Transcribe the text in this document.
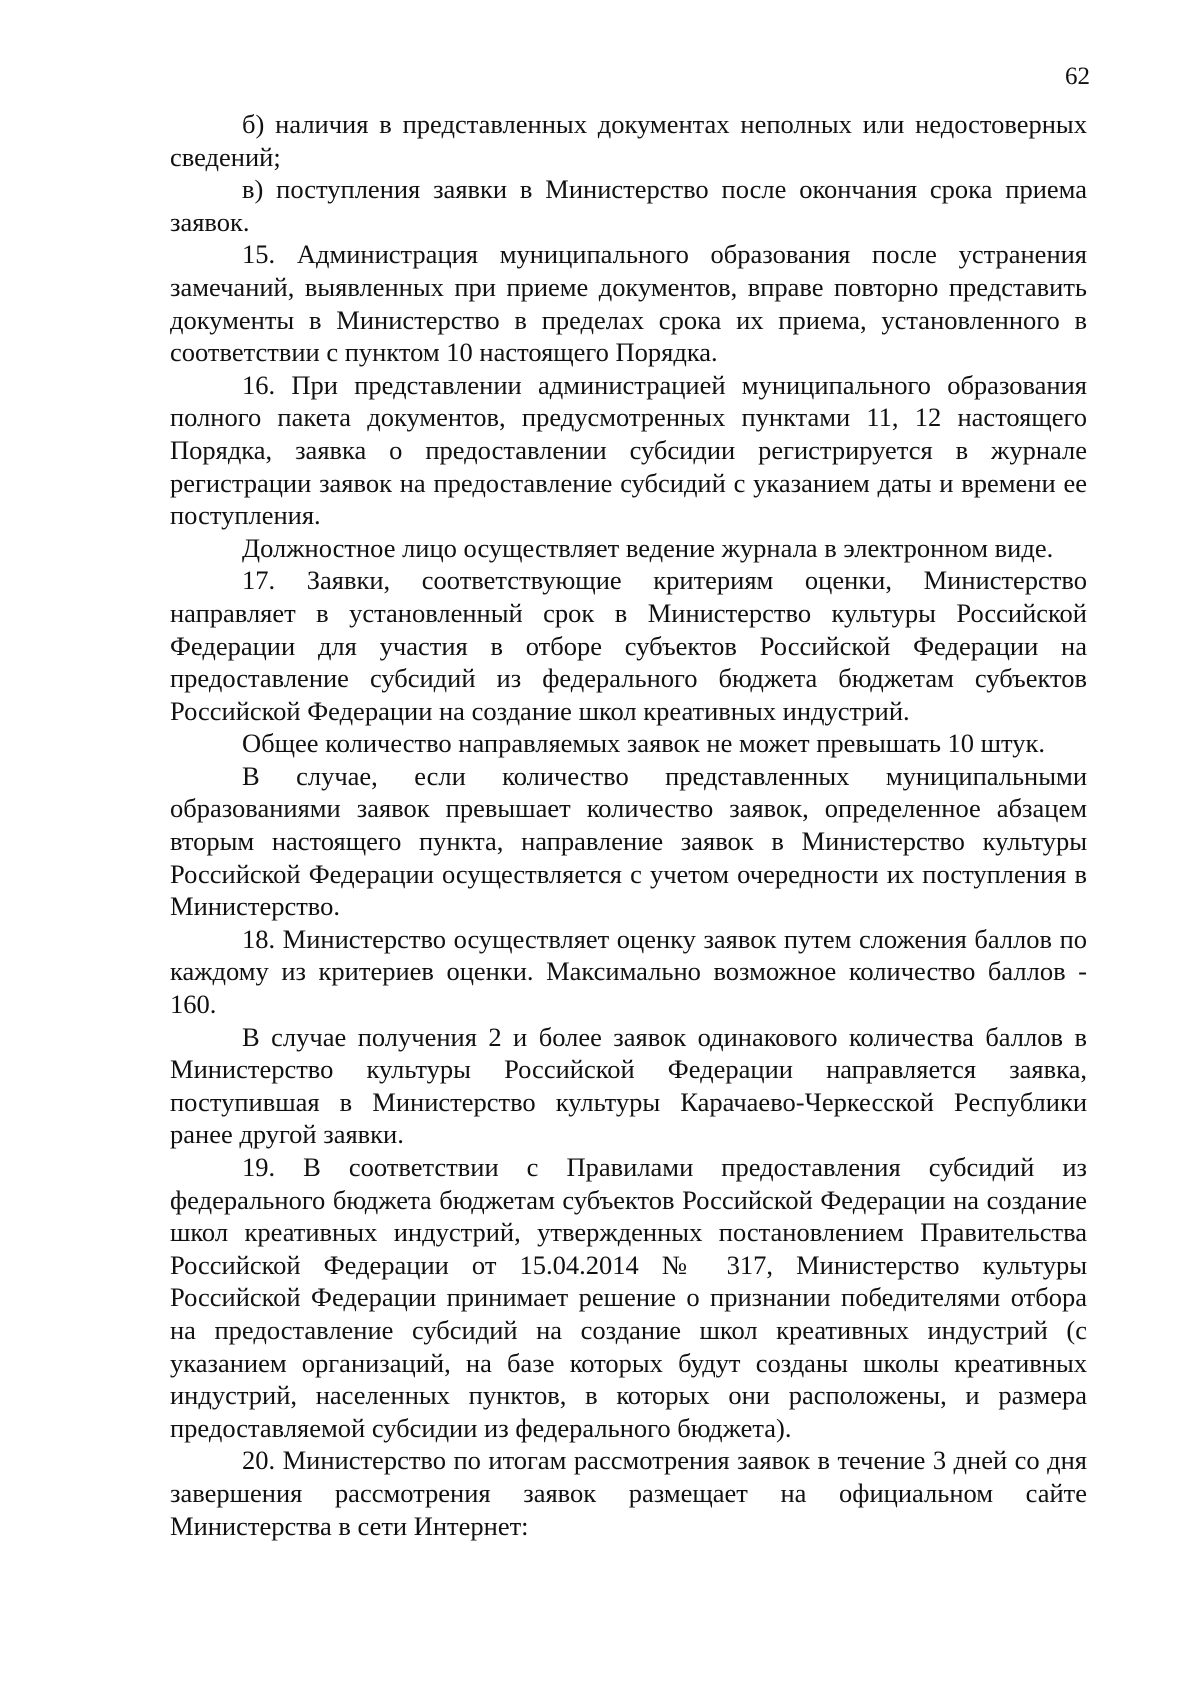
62

б) наличия в представленных документах неполных или недостоверных сведений;

в) поступления заявки в Министерство после окончания срока приема заявок.

15. Администрация муниципального образования после устранения замечаний, выявленных при приеме документов, вправе повторно представить документы в Министерство в пределах срока их приема, установленного в соответствии с пунктом 10 настоящего Порядка.

16. При представлении администрацией муниципального образования полного пакета документов, предусмотренных пунктами 11, 12 настоящего Порядка, заявка о предоставлении субсидии регистрируется в журнале регистрации заявок на предоставление субсидий с указанием даты и времени ее поступления.

Должностное лицо осуществляет ведение журнала в электронном виде.

17. Заявки, соответствующие критериям оценки, Министерство направляет в установленный срок в Министерство культуры Российской Федерации для участия в отборе субъектов Российской Федерации на предоставление субсидий из федерального бюджета бюджетам субъектов Российской Федерации на создание школ креативных индустрий.

Общее количество направляемых заявок не может превышать 10 штук.

В случае, если количество представленных муниципальными образованиями заявок превышает количество заявок, определенное абзацем вторым настоящего пункта, направление заявок в Министерство культуры Российской Федерации осуществляется с учетом очередности их поступления в Министерство.

18. Министерство осуществляет оценку заявок путем сложения баллов по каждому из критериев оценки. Максимально возможное количество баллов - 160.

В случае получения 2 и более заявок одинакового количества баллов в Министерство культуры Российской Федерации направляется заявка, поступившая в Министерство культуры Карачаево-Черкесской Республики ранее другой заявки.

19. В соответствии с Правилами предоставления субсидий из федерального бюджета бюджетам субъектов Российской Федерации на создание школ креативных индустрий, утвержденных постановлением Правительства Российской Федерации от 15.04.2014 № 317, Министерство культуры Российской Федерации принимает решение о признании победителями отбора на предоставление субсидий на создание школ креативных индустрий (с указанием организаций, на базе которых будут созданы школы креативных индустрий, населенных пунктов, в которых они расположены, и размера предоставляемой субсидии из федерального бюджета).

20. Министерство по итогам рассмотрения заявок в течение 3 дней со дня завершения рассмотрения заявок размещает на официальном сайте Министерства в сети Интернет:
